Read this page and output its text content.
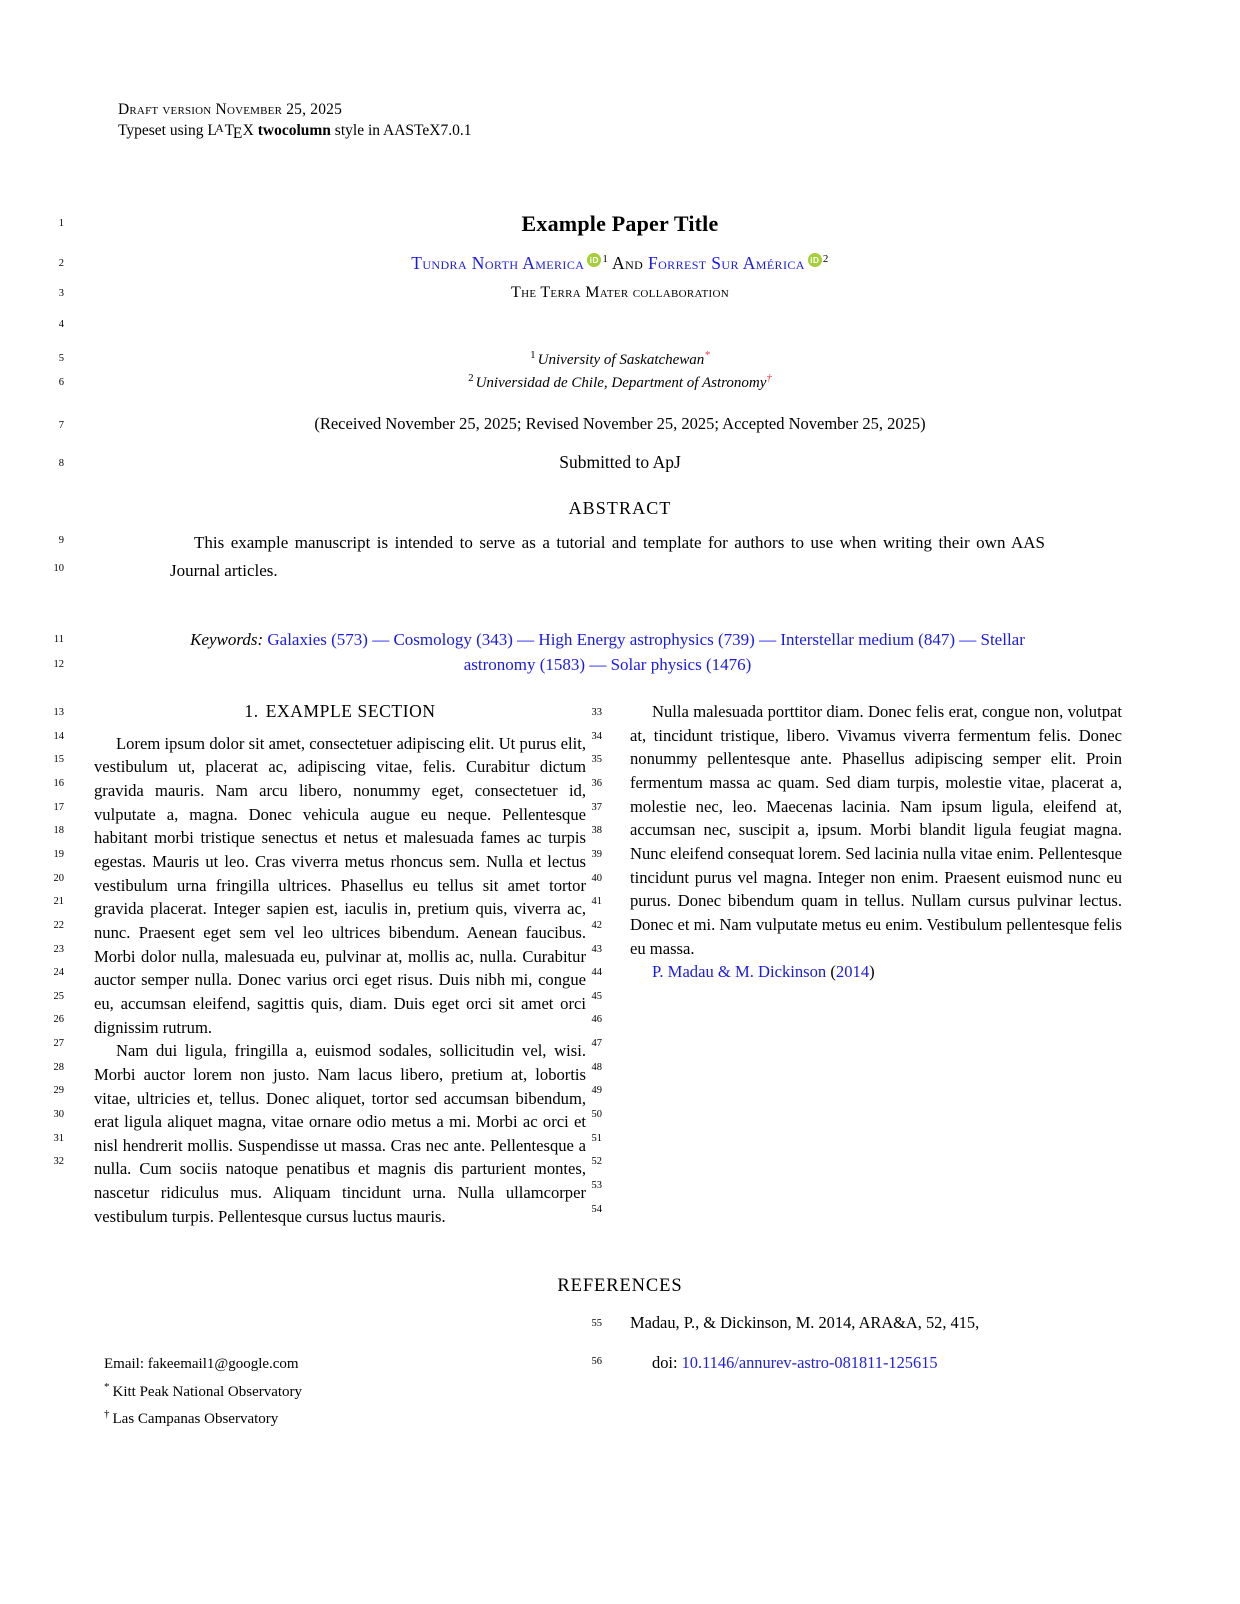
Draft version November 25, 2025
Typeset using LATEX twocolumn style in AASTeX7.0.1
Example Paper Title
Tundra North America iD $^1$ And Forrest Sur América iD $^2$
The Terra Mater collaboration
$^1$ University of Saskatchewan*
$^2$ Universidad de Chile, Department of Astronomy†
(Received November 25, 2025; Revised November 25, 2025; Accepted November 25, 2025)
Submitted to ApJ
ABSTRACT
This example manuscript is intended to serve as a tutorial and template for authors to use when writing their own AAS Journal articles.
Keywords: Galaxies (573) — Cosmology (343) — High Energy astrophysics (739) — Interstellar medium (847) — Stellar astronomy (1583) — Solar physics (1476)

1. EXAMPLE SECTION

Lorem ipsum dolor sit amet, consectetuer adipiscing elit. Ut purus elit, vestibulum ut, placerat ac, adipiscing vitae, felis. Curabitur dictum gravida mauris. Nam arcu libero, nonummy eget, consectetuer id, vulputate a, magna. Donec vehicula augue eu neque. Pellentesque habitant morbi tristique senectus et netus et malesuada fames ac turpis egestas. Mauris ut leo. Cras viverra metus rhoncus sem. Nulla et lectus vestibulum urna fringilla ultrices. Phasellus eu tellus sit amet tortor gravida placerat. Integer sapien est, iaculis in, pretium quis, viverra ac, nunc. Praesent eget sem vel leo ultrices bibendum. Aenean faucibus. Morbi dolor nulla, malesuada eu, pulvinar at, mollis ac, nulla. Curabitur auctor semper nulla. Donec varius orci eget risus. Duis nibh mi, congue eu, accumsan eleifend, sagittis quis, diam. Duis eget orci sit amet orci dignissim rutrum.

Nam dui ligula, fringilla a, euismod sodales, sollicitudin vel, wisi. Morbi auctor lorem non justo. Nam lacus libero, pretium at, lobortis vitae, ultricies et, tellus. Donec aliquet, tortor sed accumsan bibendum, erat ligula aliquet magna, vitae ornare odio metus a mi. Morbi ac orci et nisl hendrerit mollis. Suspendisse ut massa. Cras nec ante. Pellentesque a nulla. Cum sociis natoque penatibus et magnis dis parturient montes, nascetur ridiculus mus. Aliquam tincidunt urna. Nulla ullamcorper vestibulum turpis. Pellentesque cursus luctus mauris.

Nulla malesuada porttitor diam. Donec felis erat, congue non, volutpat at, tincidunt tristique, libero. Vivamus viverra fermentum felis. Donec nonummy pellentesque ante. Phasellus adipiscing semper elit. Proin fermentum massa ac quam. Sed diam turpis, molestie vitae, placerat a, molestie nec, leo. Maecenas lacinia. Nam ipsum ligula, eleifend at, accumsan nec, suscipit a, ipsum. Morbi blandit ligula feugiat magna. Nunc eleifend consequat lorem. Sed lacinia nulla vitae enim. Pellentesque tincidunt purus vel magna. Integer non enim. Praesent euismod nunc eu purus. Donec bibendum quam in tellus. Nullam cursus pulvinar lectus. Donec et mi. Nam vulputate metus eu enim. Vestibulum pellentesque felis eu massa.

P. Madau & M. Dickinson (2014)

REFERENCES

Madau, P., & Dickinson, M. 2014, ARA&A, 52, 415,

doi: 10.1146/annurev-astro-081811-125615

Email: fakeemail1@google.com

* Kitt Peak National Observatory

† Las Campanas Observatory

1
2
3
4
5
6
7
8
9
10
11
12
13
14
15
16
17
18
19
20
21
22
23
24
25
26
27
28
29
30
31
32
33
34
35
36
37
38
39
40
41
42
43
44
45
46
47
48
49
50
51
52
53
54
55
56
